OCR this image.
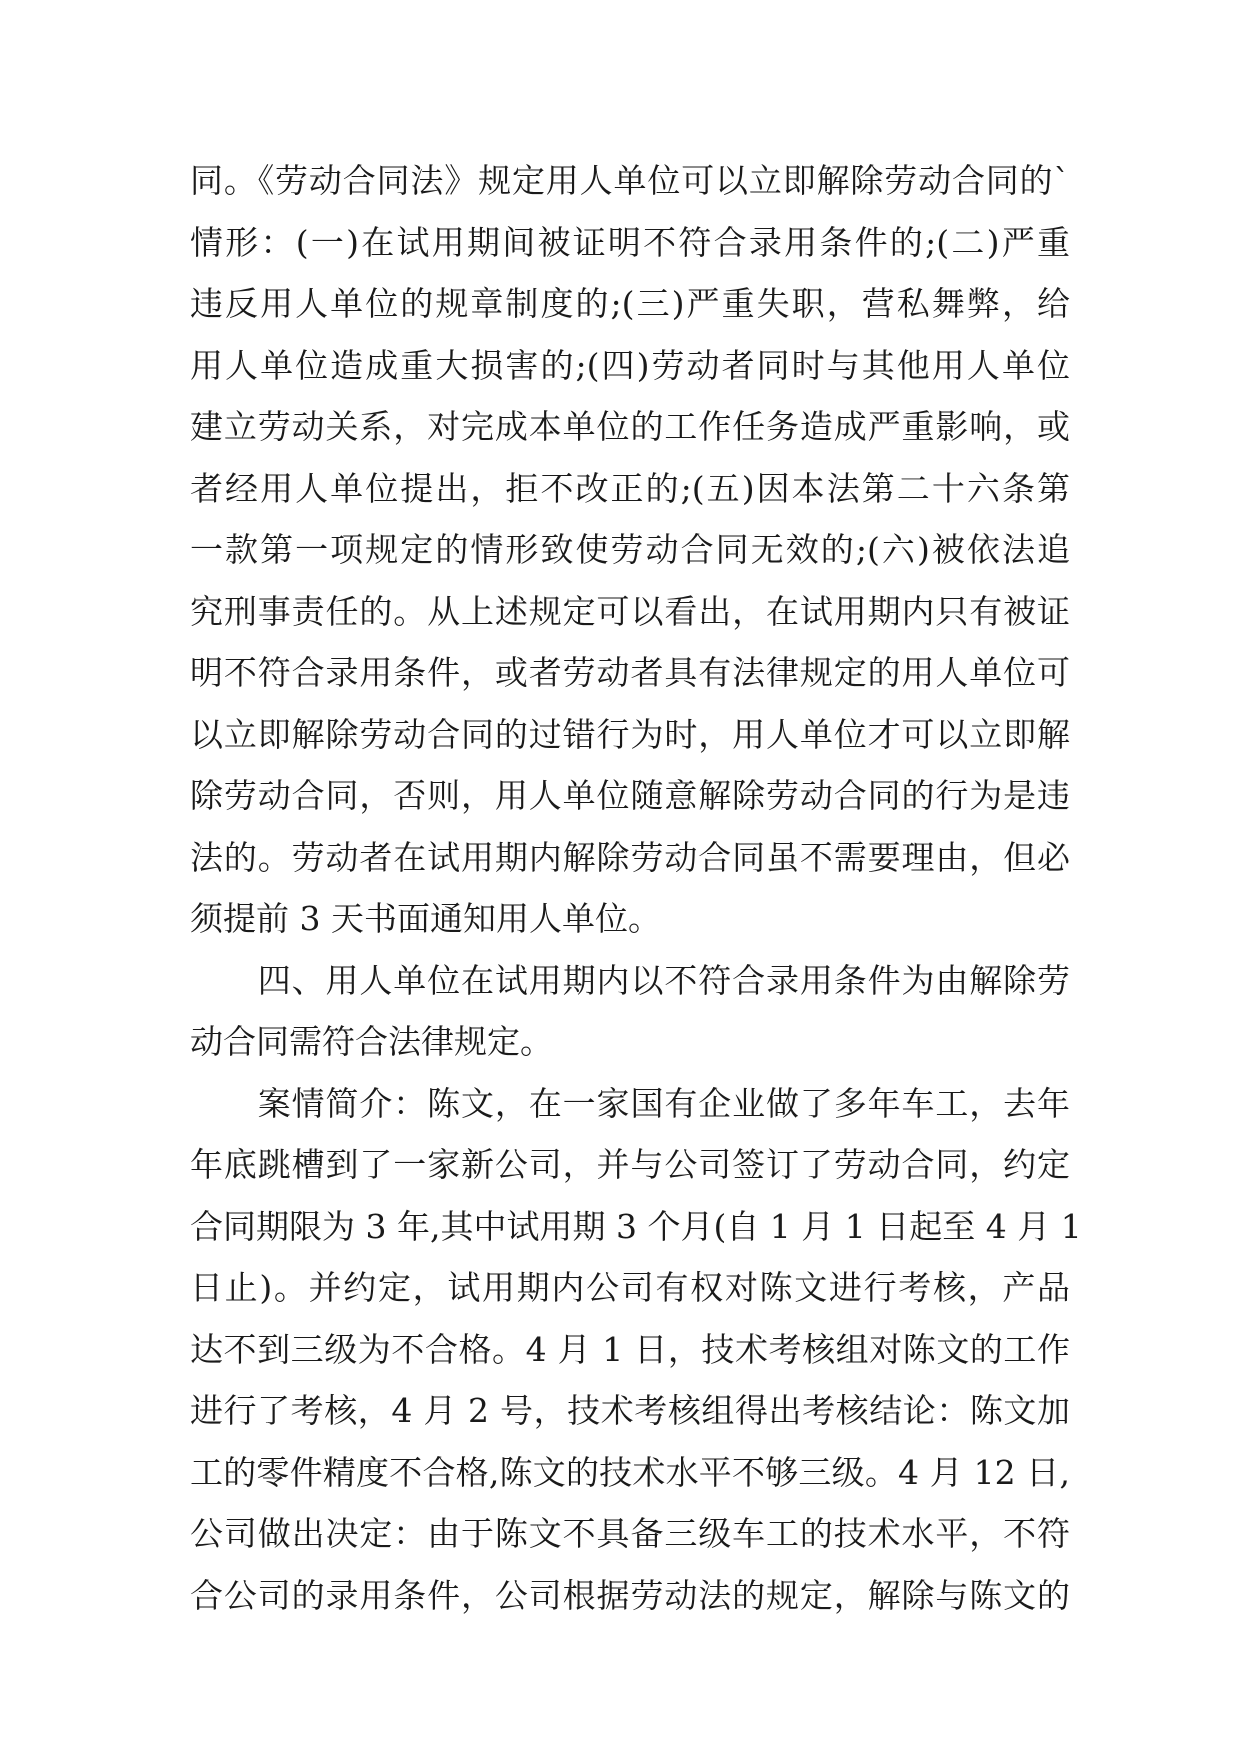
同。《劳动合同法》规定用人单位可以立即解除劳动合同的`
情形：(一)在试用期间被证明不符合录用条件的;(二)严重
违反用人单位的规章制度的;(三)严重失职，营私舞弊，给
用人单位造成重大损害的;(四)劳动者同时与其他用人单位
建立劳动关系，对完成本单位的工作任务造成严重影响，或
者经用人单位提出，拒不改正的;(五)因本法第二十六条第
一款第一项规定的情形致使劳动合同无效的;(六)被依法追
究刑事责任的。从上述规定可以看出，在试用期内只有被证
明不符合录用条件，或者劳动者具有法律规定的用人单位可
以立即解除劳动合同的过错行为时，用人单位才可以立即解
除劳动合同，否则，用人单位随意解除劳动合同的行为是违
法的。劳动者在试用期内解除劳动合同虽不需要理由，但必
须提前 3 天书面通知用人单位。
　　四、用人单位在试用期内以不符合录用条件为由解除劳
动合同需符合法律规定。
　　案情简介：陈文，在一家国有企业做了多年车工，去年
年底跳槽到了一家新公司，并与公司签订了劳动合同，约定
合同期限为 3 年,其中试用期 3 个月(自 1 月 1 日起至 4 月 1
日止)。并约定，试用期内公司有权对陈文进行考核，产品
达不到三级为不合格。4 月 1 日，技术考核组对陈文的工作
进行了考核，4 月 2 号，技术考核组得出考核结论：陈文加
工的零件精度不合格,陈文的技术水平不够三级。4 月 12 日,
公司做出决定：由于陈文不具备三级车工的技术水平，不符
合公司的录用条件，公司根据劳动法的规定，解除与陈文的
